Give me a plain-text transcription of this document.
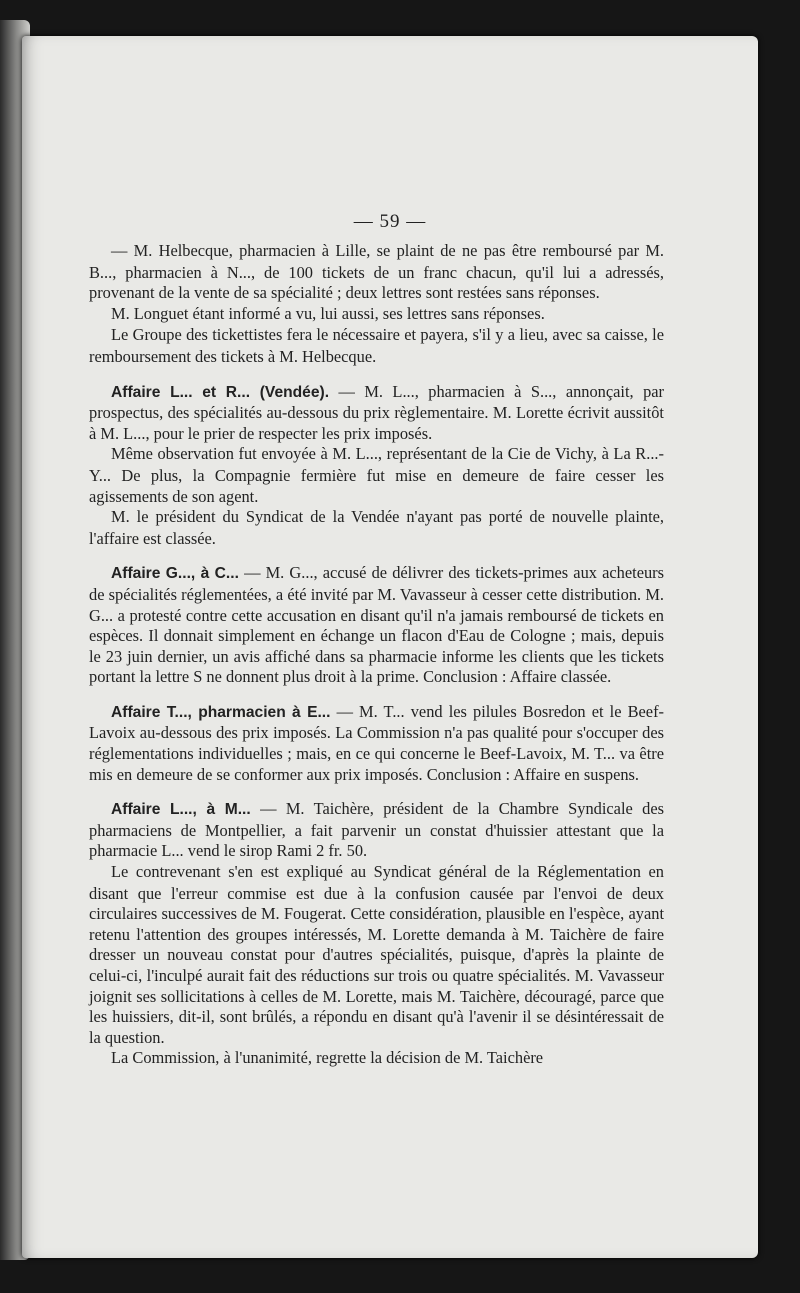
— 59 —

— M. Helbecque, pharmacien à Lille, se plaint de ne pas être remboursé par M. B..., pharmacien à N..., de 100 tickets de un franc chacun, qu'il lui a adressés, provenant de la vente de sa spécialité ; deux lettres sont restées sans réponses.

M. Longuet étant informé a vu, lui aussi, ses lettres sans réponses.

Le Groupe des tickettistes fera le nécessaire et payera, s'il y a lieu, avec sa caisse, le remboursement des tickets à M. Helbecque.

Affaire L... et R... (Vendée). — M. L..., pharmacien à S..., annonçait, par prospectus, des spécialités au-dessous du prix règlementaire. M. Lorette écrivit aussitôt à M. L..., pour le prier de respecter les prix imposés.

Même observation fut envoyée à M. L..., représentant de la Cie de Vichy, à La R...-Y... De plus, la Compagnie fermière fut mise en demeure de faire cesser les agissements de son agent.

M. le président du Syndicat de la Vendée n'ayant pas porté de nouvelle plainte, l'affaire est classée.

Affaire G..., à C... — M. G..., accusé de délivrer des tickets-primes aux acheteurs de spécialités réglementées, a été invité par M. Vavasseur à cesser cette distribution. M. G... a protesté contre cette accusation en disant qu'il n'a jamais remboursé de tickets en espèces. Il donnait simplement en échange un flacon d'Eau de Cologne ; mais, depuis le 23 juin dernier, un avis affiché dans sa pharmacie informe les clients que les tickets portant la lettre S ne donnent plus droit à la prime. Conclusion : Affaire classée.

Affaire T..., pharmacien à E... — M. T... vend les pilules Bosredon et le Beef-Lavoix au-dessous des prix imposés. La Commission n'a pas qualité pour s'occuper des réglementations individuelles ; mais, en ce qui concerne le Beef-Lavoix, M. T... va être mis en demeure de se conformer aux prix imposés. Conclusion : Affaire en suspens.

Affaire L..., à M... — M. Taichère, président de la Chambre Syndicale des pharmaciens de Montpellier, a fait parvenir un constat d'huissier attestant que la pharmacie L... vend le sirop Rami 2 fr. 50.

Le contrevenant s'en est expliqué au Syndicat général de la Réglementation en disant que l'erreur commise est due à la confusion causée par l'envoi de deux circulaires successives de M. Fougerat. Cette considération, plausible en l'espèce, ayant retenu l'attention des groupes intéressés, M. Lorette demanda à M. Taichère de faire dresser un nouveau constat pour d'autres spécialités, puisque, d'après la plainte de celui-ci, l'inculpé aurait fait des réductions sur trois ou quatre spécialités. M. Vavasseur joignit ses sollicitations à celles de M. Lorette, mais M. Taichère, découragé, parce que les huissiers, dit-il, sont brûlés, a répondu en disant qu'à l'avenir il se désintéressait de la question.

La Commission, à l'unanimité, regrette la décision de M. Taichère
